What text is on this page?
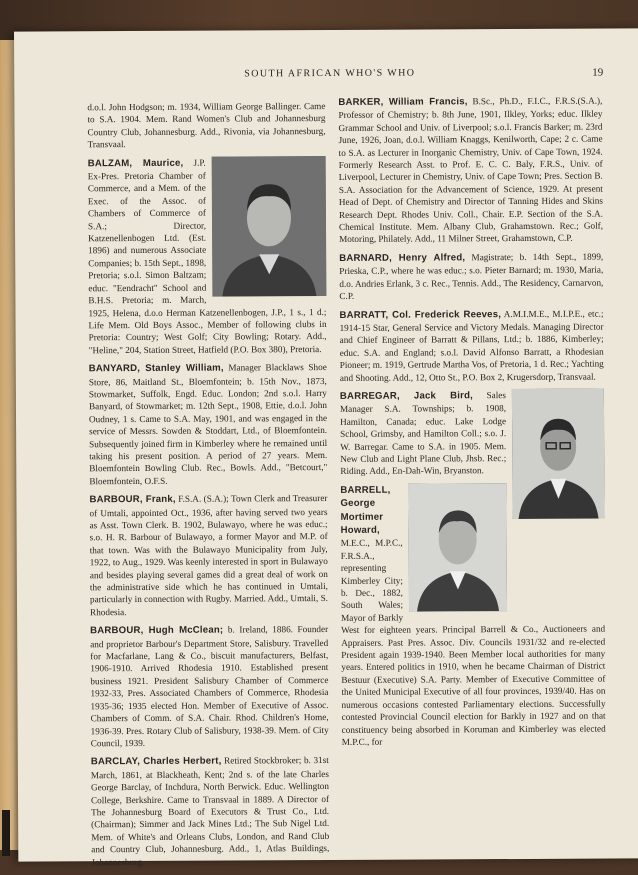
SOUTH AFRICAN WHO'S WHO	19
d.o.l. John Hodgson; m. 1934, William George Ballinger. Came to S.A. 1904. Mem. Rand Women's Club and Johannesburg Country Club, Johannesburg. Add., Rivonia, via Johannesburg, Transvaal.
BALZAM, Maurice, J.P. Ex-Pres. Pretoria Chamber of Commerce, and a Mem. of the Exec. of the Assoc. of Chambers of Commerce of S.A.; Director, Katzenellenbogen Ltd. (Est. 1896) and numerous Associate Companies; b. 15th Sept., 1898, Pretoria; s.o.l. Simon Baltzam; educ. "Eendracht" School and B.H.S. Pretoria; m. March, 1925, Helena, d.o.o Herman Katzenellenbogen, J.P., 1 s., 1 d.; Life Mem. Old Boys Assoc., Member of following clubs in Pretoria: Country; West Golf; City Bowling; Rotary. Add., "Heline," 204, Station Street, Hatfield (P.O. Box 380), Pretoria.
BANYARD, Stanley William, Manager Blacklaws Shoe Store, 86, Maitland St., Bloemfontein; b. 15th Nov., 1873, Stowmarket, Suffolk, Engd. Educ. London; 2nd s.o.l. Harry Banyard, of Stowmarket; m. 12th Sept., 1908, Ettie, d.o.l. John Oudney, 1 s. Came to S.A. May, 1901, and was engaged in the service of Messrs. Sowden & Stoddart, Ltd., of Bloemfontein. Subsequently joined firm in Kimberley where he remained until taking his present position. A period of 27 years. Mem. Bloemfontein Bowling Club. Rec., Bowls. Add., "Betcourt," Bloemfontein, O.F.S.
BARBOUR, Frank, F.S.A. (S.A.); Town Clerk and Treasurer of Umtali, appointed Oct., 1936, after having served two years as Asst. Town Clerk. B. 1902, Bulawayo, where he was educ.; s.o. H. R. Barbour of Bulawayo, a former Mayor and M.P. of that town. Was with the Bulawayo Municipality from July, 1922, to Aug., 1929. Was keenly interested in sport in Bulawayo and besides playing several games did a great deal of work on the administrative side which he has continued in Umtali, particularly in connection with Rugby. Married. Add., Umtali, S. Rhodesia.
BARBOUR, Hugh McClean; b. Ireland, 1886. Founder and proprietor Barbour's Department Store, Salisbury. Travelled for Macfarlane, Lang & Co., biscuit manufacturers, Belfast, 1906-1910. Arrived Rhodesia 1910. Established present business 1921. President Salisbury Chamber of Commerce 1932-33, Pres. Associated Chambers of Commerce, Rhodesia 1935-36; 1935 elected Hon. Member of Executive of Assoc. Chambers of Comm. of S.A. Chair. Rhod. Children's Home, 1936-39. Pres. Rotary Club of Salisbury, 1938-39. Mem. of City Council, 1939.
BARCLAY, Charles Herbert, Retired Stockbroker; b. 31st March, 1861, at Blackheath, Kent; 2nd s. of the late Charles George Barclay, of Inchdura, North Berwick. Educ. Wellington College, Berkshire. Came to Transvaal in 1889. A Director of The Johannesburg Board of Executors & Trust Co., Ltd. (Chairman); Simmer and Jack Mines Ltd.; The Sub Nigel Ltd. Mem. of White's and Orleans Clubs, London, and Rand Club and Country Club, Johannesburg. Add., 1, Atlas Buildings, Johannesburg.
BARKER, William Francis, B.Sc., Ph.D., F.I.C., F.R.S.(S.A.), Professor of Chemistry; b. 8th June, 1901, Ilkley, Yorks; educ. Ilkley Grammar School and Univ. of Liverpool; s.o.l. Francis Barker; m. 23rd June, 1926, Joan, d.o.l. William Knaggs, Kenilworth, Cape; 2 c. Came to S.A. as Lecturer in Inorganic Chemistry, Univ. of Cape Town, 1924. Formerly Research Asst. to Prof. E. C. C. Baly, F.R.S., Univ. of Liverpool, Lecturer in Chemistry, Univ. of Cape Town; Pres. Section B. S.A. Association for the Advancement of Science, 1929. At present Head of Dept. of Chemistry and Director of Tanning Hides and Skins Research Dept. Rhodes Univ. Coll., Chair. E.P. Section of the S.A. Chemical Institute. Mem. Albany Club, Grahamstown. Rec.; Golf, Motoring, Philately. Add., 11 Milner Street, Grahamstown, C.P.
BARNARD, Henry Alfred, Magistrate; b. 14th Sept., 1899, Prieska, C.P., where he was educ.; s.o. Pieter Barnard; m. 1930, Maria, d.o. Andries Erlank, 3 c. Rec., Tennis. Add., The Residency, Carnarvon, C.P.
BARRATT, Col. Frederick Reeves, A.M.I.M.E., M.I.P.E., etc.; 1914-15 Star, General Service and Victory Medals. Managing Director and Chief Engineer of Barratt & Pillans, Ltd.; b. 1886, Kimberley; educ. S.A. and England; s.o.l. David Alfonso Barratt, a Rhodesian Pioneer; m. 1919, Gertrude Martha Vos, of Pretoria, 1 d. Rec.; Yachting and Shooting. Add., 12, Otto St., P.O. Box 2, Krugersdorp, Transvaal.
BARREGAR, Jack Bird, Sales Manager S.A. Townships; b. 1908, Hamilton, Canada; educ. Lake Lodge School, Grimsby, and Hamilton Coll.; s.o. J. W. Barregar. Came to S.A. in 1905. Mem. New Club and Light Plane Club, Jhsb. Rec.; Riding. Add., En-Dah-Win, Bryanston.
BARRELL, George Mortimer Howard, M.E.C., M.P.C., F.R.S.A., representing Kimberley City; b. Dec., 1882, South Wales; Mayor of Barkly West for eighteen years. Principal Barrell & Co., Auctioneers and Appraisers. Past Pres. Assoc. Div. Councils 1931/32 and re-elected President again 1939-1940. Been Member local authorities for many years. Entered politics in 1910, when he became Chairman of District Bestuur (Executive) S.A. Party. Member of Executive Committee of the United Municipal Executive of all four provinces, 1939/40. Has on numerous occasions contested Parliamentary elections. Successfully contested Provincial Council election for Barkly in 1927 and on that constituency being absorbed in Koruman and Kimberley was elected M.P.C., for
